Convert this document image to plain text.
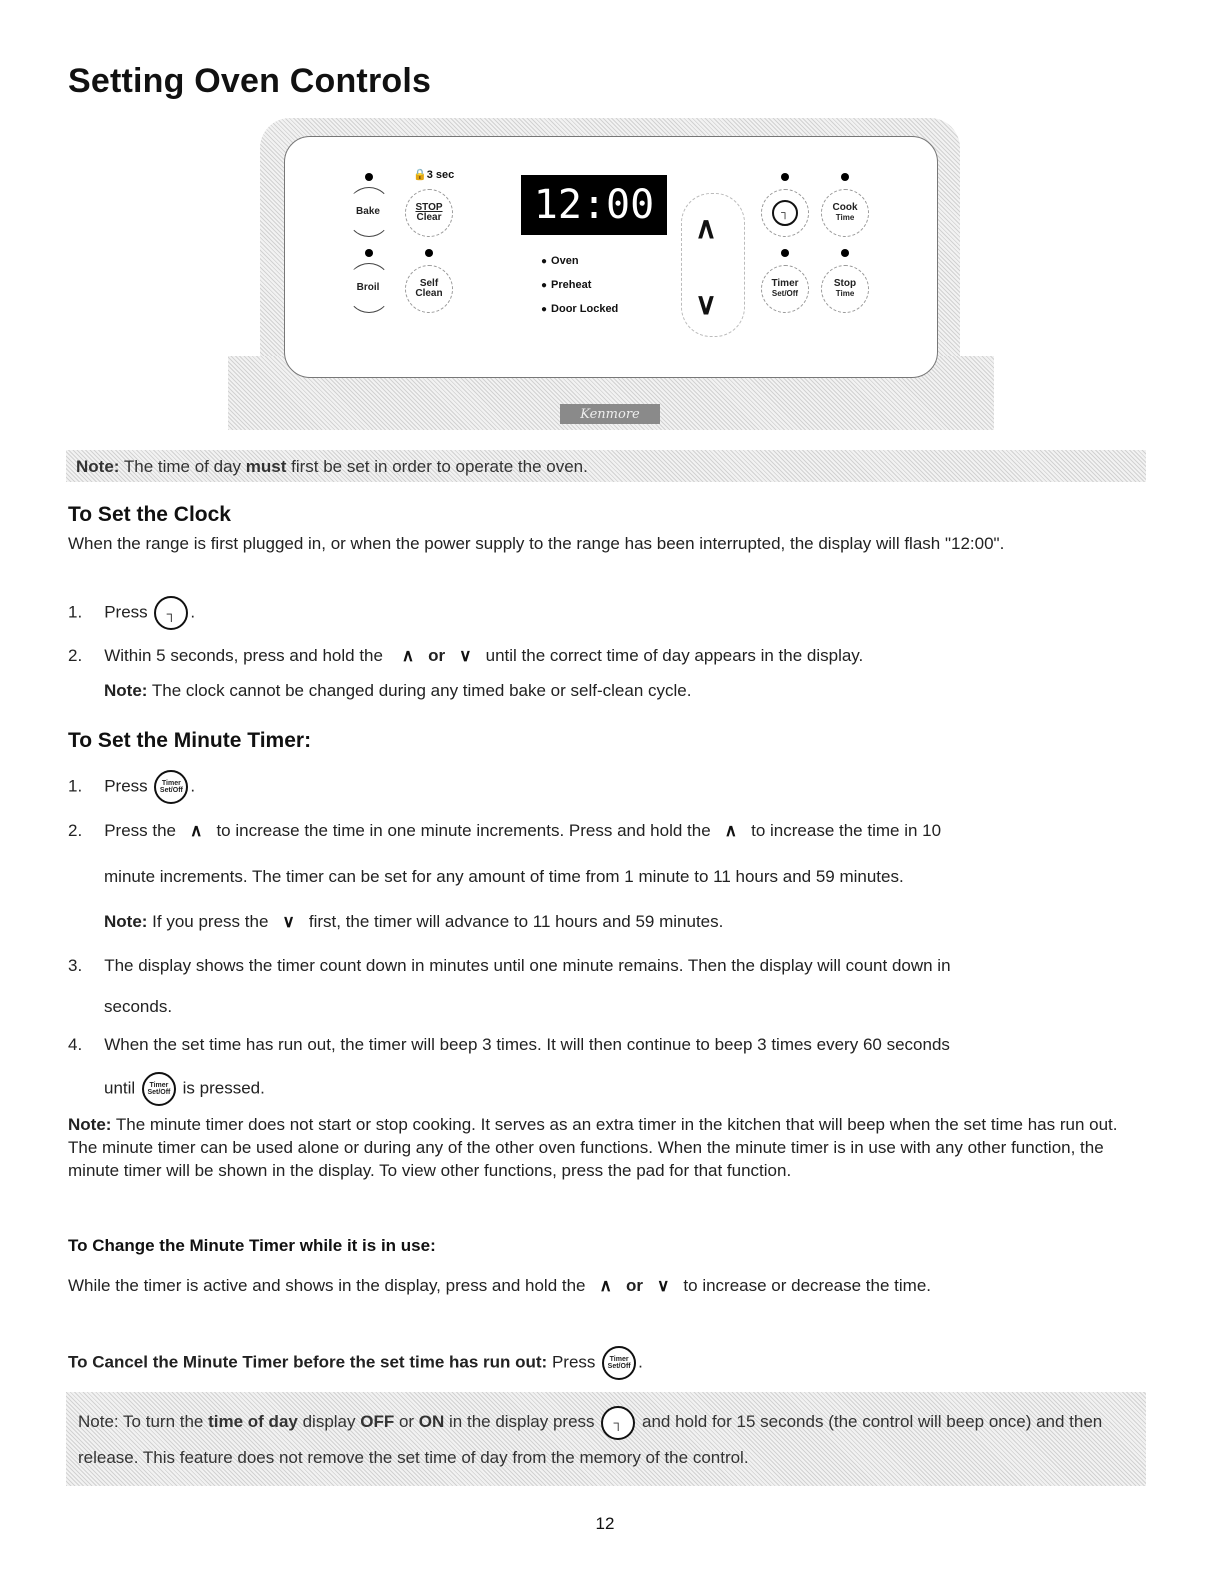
Setting Oven Controls
🔒3 sec
Bake	STOP
Clear
Broil	Self
Clean
12:00
● Oven
● Preheat
● Door Locked
∧
∨
┐	Cook
Time
Timer
Set/Off
Stop
Time
Kenmore

Note: The time of day must first be set in order to operate the oven.

To Set the Clock

When the range is first plugged in, or when the power supply to the range has been interrupted, the display will flash "12:00".

1. Press ┐ .
2. Within 5 seconds, press and hold the ∧ or ∨ until the correct time of day appears in the display.
Note: The clock cannot be changed during any timed bake or self-clean cycle.
To Set the Minute Timer:
1. Press Timer
Set/Off .
2. Press the ∧ to increase the time in one minute increments. Press and hold the ∧ to increase the time in 10
minute increments. The timer can be set for any amount of time from 1 minute to 11 hours and 59 minutes.
Note: If you press the ∨ first, the timer will advance to 11 hours and 59 minutes.
3. The display shows the timer count down in minutes until one minute remains. Then the display will count down in
seconds.
4. When the set time has run out, the timer will beep 3 times. It will then continue to beep 3 times every 60 seconds
until Timer
Set/Off is pressed.

Note: The minute timer does not start or stop cooking. It serves as an extra timer in the kitchen that will beep when the set time has run out. The minute timer can be used alone or during any of the other oven functions. When the minute timer is in use with any other function, the minute timer will be shown in the display. To view other functions, press the pad for that function.

To Change the Minute Timer while it is in use:
While the timer is active and shows in the display, press and hold the ∧ or ∨ to increase or decrease the time.
To Cancel the Minute Timer before the set time has run out: Press Timer
Set/Off .

Note: To turn the time of day display OFF or ON in the display press ┐ and hold for 15 seconds (the control will beep once) and then release. This feature does not remove the set time of day from the memory of the control.

12
